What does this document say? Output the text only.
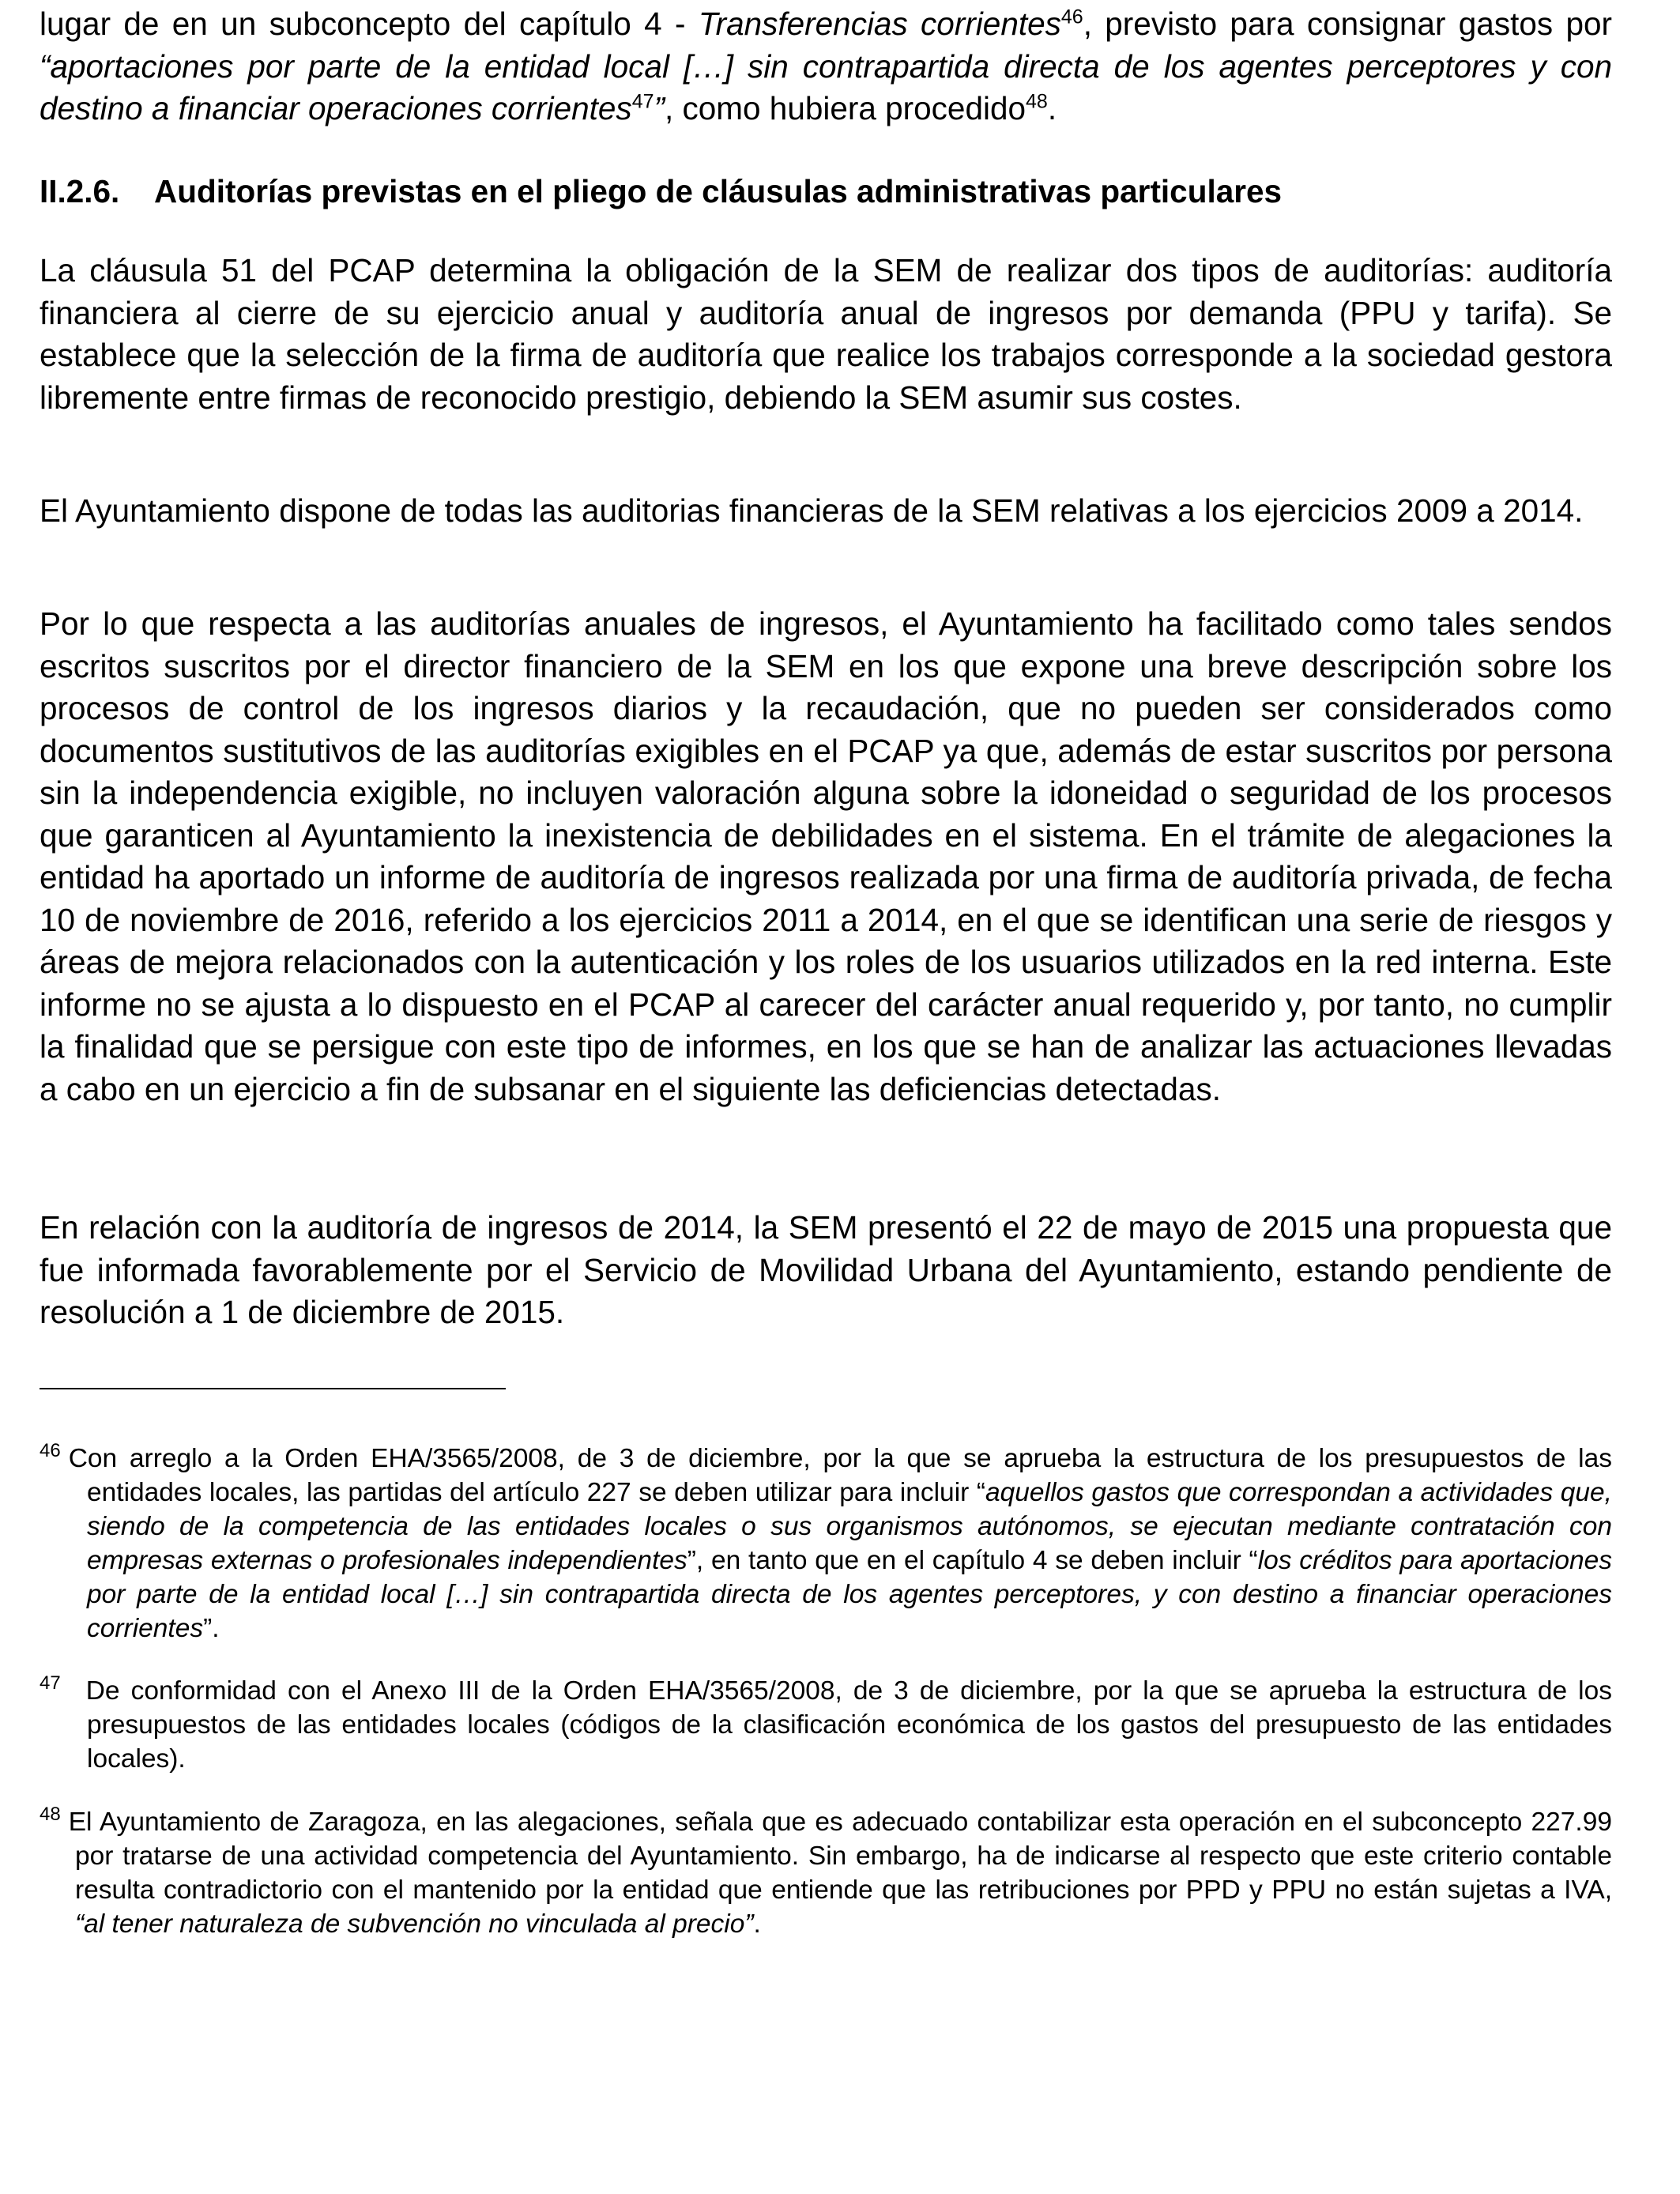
lugar de en un subconcepto del capítulo 4 - Transferencias corrientes$^{46}$, previsto para consignar gastos por “aportaciones por parte de la entidad local […] sin contrapartida directa de los agentes perceptores y con destino a financiar operaciones corrientes$^{47}$”, como hubiera procedido$^{48}$.

II.2.6. Auditorías previstas en el pliego de cláusulas administrativas particulares

La cláusula 51 del PCAP determina la obligación de la SEM de realizar dos tipos de auditorías: auditoría financiera al cierre de su ejercicio anual y auditoría anual de ingresos por demanda (PPU y tarifa). Se establece que la selección de la firma de auditoría que realice los trabajos corresponde a la sociedad gestora libremente entre firmas de reconocido prestigio, debiendo la SEM asumir sus costes.

El Ayuntamiento dispone de todas las auditorias financieras de la SEM relativas a los ejercicios 2009 a 2014.

Por lo que respecta a las auditorías anuales de ingresos, el Ayuntamiento ha facilitado como tales sendos escritos suscritos por el director financiero de la SEM en los que expone una breve descripción sobre los procesos de control de los ingresos diarios y la recaudación, que no pueden ser considerados como documentos sustitutivos de las auditorías exigibles en el PCAP ya que, además de estar suscritos por persona sin la independencia exigible, no incluyen valoración alguna sobre la idoneidad o seguridad de los procesos que garanticen al Ayuntamiento la inexistencia de debilidades en el sistema. En el trámite de alegaciones la entidad ha aportado un informe de auditoría de ingresos realizada por una firma de auditoría privada, de fecha 10 de noviembre de 2016, referido a los ejercicios 2011 a 2014, en el que se identifican una serie de riesgos y áreas de mejora relacionados con la autenticación y los roles de los usuarios utilizados en la red interna. Este informe no se ajusta a lo dispuesto en el PCAP al carecer del carácter anual requerido y, por tanto, no cumplir la finalidad que se persigue con este tipo de informes, en los que se han de analizar las actuaciones llevadas a cabo en un ejercicio a fin de subsanar en el siguiente las deficiencias detectadas.

En relación con la auditoría de ingresos de 2014, la SEM presentó el 22 de mayo de 2015 una propuesta que fue informada favorablemente por el Servicio de Movilidad Urbana del Ayuntamiento, estando pendiente de resolución a 1 de diciembre de 2015.

$^{46}$ Con arreglo a la Orden EHA/3565/2008, de 3 de diciembre, por la que se aprueba la estructura de los presupuestos de las entidades locales, las partidas del artículo 227 se deben utilizar para incluir “aquellos gastos que correspondan a actividades que, siendo de la competencia de las entidades locales o sus organismos autónomos, se ejecutan mediante contratación con empresas externas o profesionales independientes”, en tanto que en el capítulo 4 se deben incluir “los créditos para aportaciones por parte de la entidad local […] sin contrapartida directa de los agentes perceptores, y con destino a financiar operaciones corrientes”.

$^{47}$ De conformidad con el Anexo III de la Orden EHA/3565/2008, de 3 de diciembre, por la que se aprueba la estructura de los presupuestos de las entidades locales (códigos de la clasificación económica de los gastos del presupuesto de las entidades locales).

$^{48}$ El Ayuntamiento de Zaragoza, en las alegaciones, señala que es adecuado contabilizar esta operación en el subconcepto 227.99 por tratarse de una actividad competencia del Ayuntamiento. Sin embargo, ha de indicarse al respecto que este criterio contable resulta contradictorio con el mantenido por la entidad que entiende que las retribuciones por PPD y PPU no están sujetas a IVA, “al tener naturaleza de subvención no vinculada al precio”.
